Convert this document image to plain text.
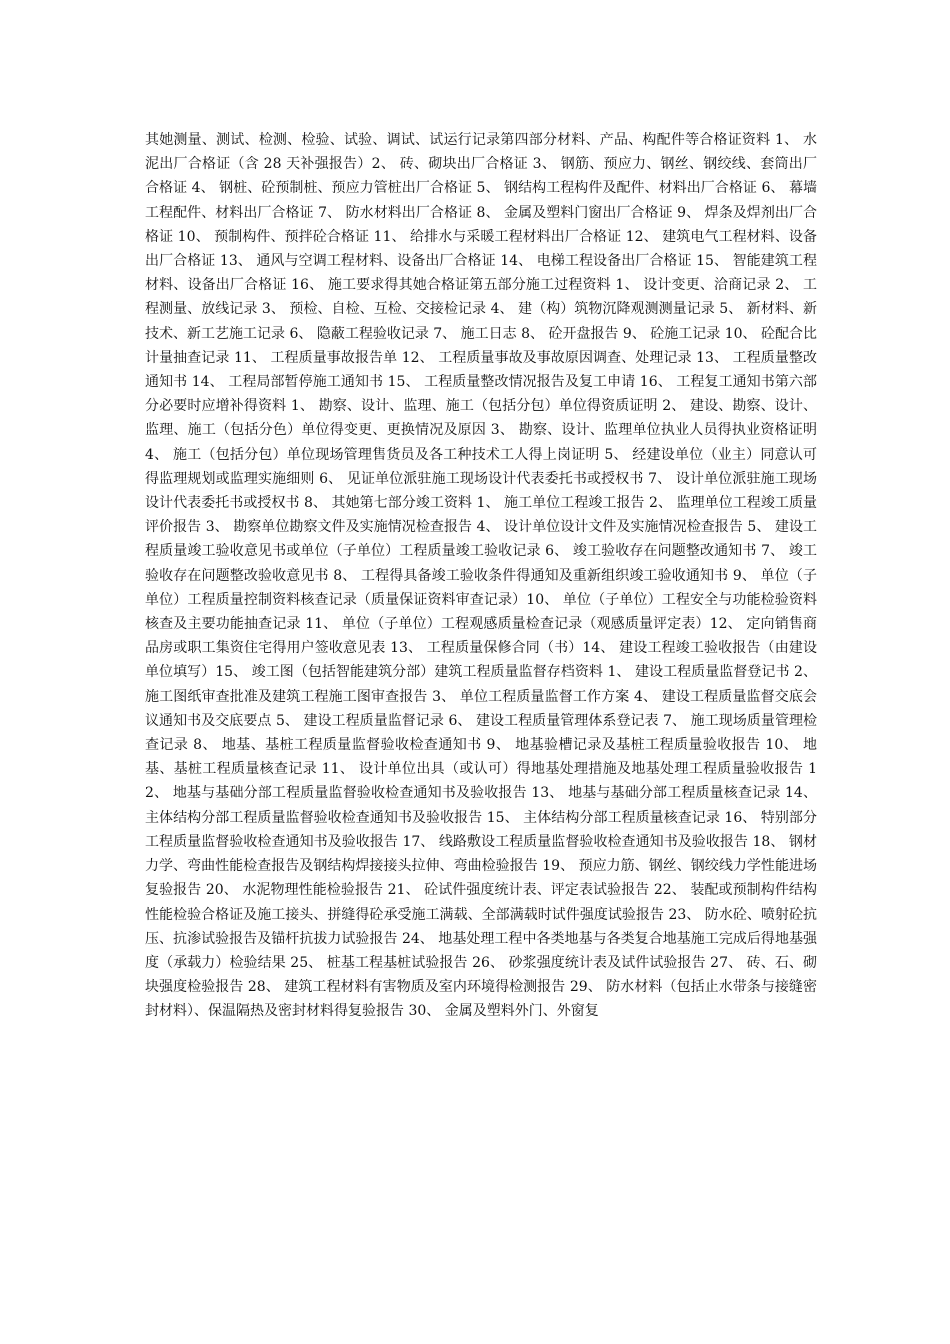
其她测量、测试、检测、检验、试验、调试、试运行记录第四部分材料、产品、构配件等合格证资料 1、 水泥出厂合格证（含 28 天补强报告）2、 砖、砌块出厂合格证 3、 钢筋、预应力、钢丝、钢绞线、套筒出厂合格证 4、 钢桩、砼预制桩、预应力管桩出厂合格证 5、 钢结构工程构件及配件、材料出厂合格证 6、 幕墙工程配件、材料出厂合格证 7、 防水材料出厂合格证 8、 金属及塑料门窗出厂合格证 9、 焊条及焊剂出厂合格证 10、 预制构件、预拌砼合格证 11、 给排水与采暖工程材料出厂合格证 12、 建筑电气工程材料、设备出厂合格证 13、 通风与空调工程材料、设备出厂合格证 14、 电梯工程设备出厂合格证 15、 智能建筑工程材料、设备出厂合格证 16、 施工要求得其她合格证第五部分施工过程资料 1、 设计变更、洽商记录 2、 工程测量、放线记录 3、 预检、自检、互检、交接检记录 4、 建（构）筑物沉降观测测量记录 5、 新材料、新技术、新工艺施工记录 6、 隐蔽工程验收记录 7、 施工日志 8、 砼开盘报告 9、 砼施工记录 10、 砼配合比计量抽查记录 11、 工程质量事故报告单 12、 工程质量事故及事故原因调查、处理记录 13、 工程质量整改通知书 14、 工程局部暂停施工通知书 15、 工程质量整改情况报告及复工申请 16、 工程复工通知书第六部分必要时应增补得资料 1、 勘察、设计、监理、施工（包括分包）单位得资质证明 2、 建设、勘察、设计、监理、施工（包括分色）单位得变更、更换情况及原因 3、 勘察、设计、监理单位执业人员得执业资格证明 4、 施工（包括分包）单位现场管理售货员及各工种技术工人得上岗证明 5、 经建设单位（业主）同意认可得监理规划或监理实施细则 6、 见证单位派驻施工现场设计代表委托书或授权书 7、 设计单位派驻施工现场设计代表委托书或授权书 8、 其她第七部分竣工资料 1、 施工单位工程竣工报告 2、 监理单位工程竣工质量评价报告 3、 勘察单位勘察文件及实施情况检查报告 4、 设计单位设计文件及实施情况检查报告 5、 建设工程质量竣工验收意见书或单位（子单位）工程质量竣工验收记录 6、 竣工验收存在问题整改通知书 7、 竣工验收存在问题整改验收意见书 8、 工程得具备竣工验收条件得通知及重新组织竣工验收通知书 9、 单位（子单位）工程质量控制资料核查记录（质量保证资料审查记录）10、 单位（子单位）工程安全与功能检验资料核查及主要功能抽查记录 11、 单位（子单位）工程观感质量检查记录（观感质量评定表）12、 定向销售商品房或职工集资住宅得用户签收意见表 13、 工程质量保修合同（书）14、 建设工程竣工验收报告（由建设单位填写）15、 竣工图（包括智能建筑分部）建筑工程质量监督存档资料 1、 建设工程质量监督登记书 2、 施工图纸审查批准及建筑工程施工图审查报告 3、 单位工程质量监督工作方案 4、 建设工程质量监督交底会议通知书及交底要点 5、 建设工程质量监督记录 6、 建设工程质量管理体系登记表 7、 施工现场质量管理检查记录 8、 地基、基桩工程质量监督验收检查通知书 9、 地基验槽记录及基桩工程质量验收报告 10、 地基、基桩工程质量核查记录 11、 设计单位出具（或认可）得地基处理措施及地基处理工程质量验收报告 12、 地基与基础分部工程质量监督验收检查通知书及验收报告 13、 地基与基础分部工程质量核查记录 14、 主体结构分部工程质量监督验收检查通知书及验收报告 15、 主体结构分部工程质量核查记录 16、 特别部分工程质量监督验收检查通知书及验收报告 17、 线路敷设工程质量监督验收检查通知书及验收报告 18、 钢材力学、弯曲性能检查报告及钢结构焊接接头拉伸、弯曲检验报告 19、 预应力筋、钢丝、钢绞线力学性能进场复验报告 20、 水泥物理性能检验报告 21、 砼试件强度统计表、评定表试验报告 22、 装配或预制构件结构性能检验合格证及施工接头、拼缝得砼承受施工满载、全部满载时试件强度试验报告 23、 防水砼、喷射砼抗压、抗渗试验报告及锚杆抗拔力试验报告 24、 地基处理工程中各类地基与各类复合地基施工完成后得地基强度（承载力）检验结果 25、 桩基工程基桩试验报告 26、 砂浆强度统计表及试件试验报告 27、 砖、石、砌块强度检验报告 28、 建筑工程材料有害物质及室内环境得检测报告 29、 防水材料（包括止水带条与接缝密封材料）、保温隔热及密封材料得复验报告 30、 金属及塑料外门、外窗复
